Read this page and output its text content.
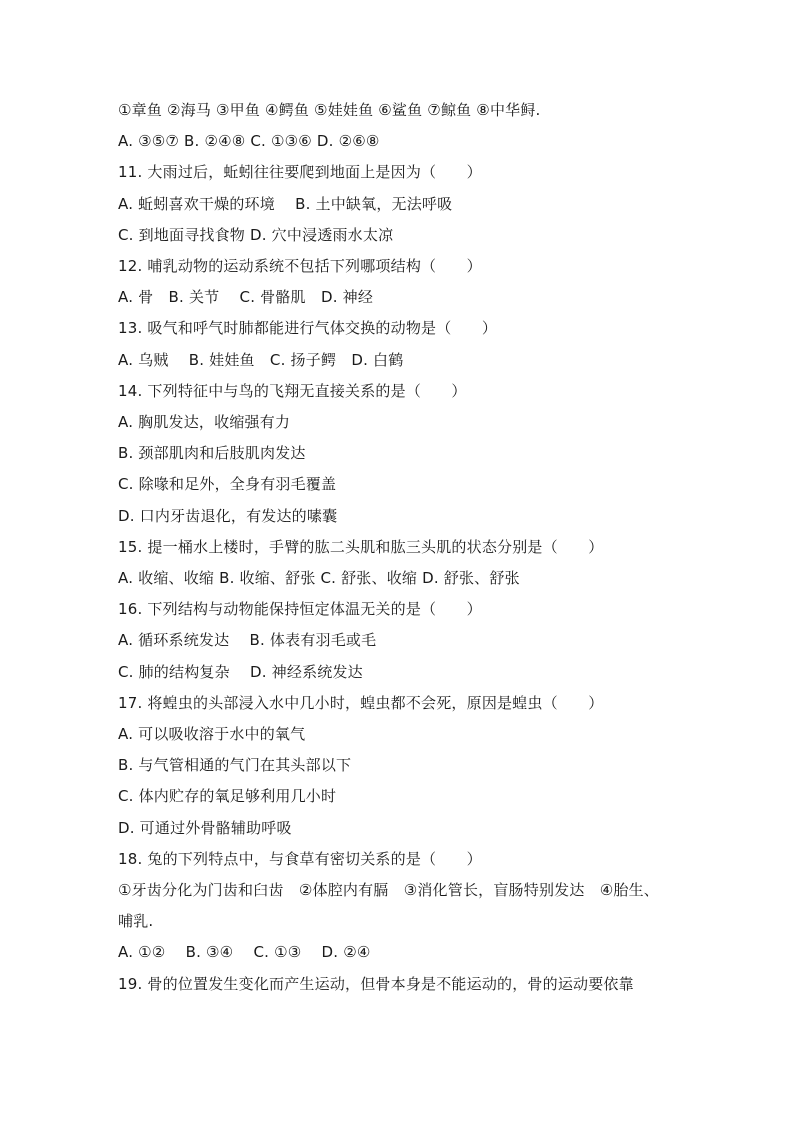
①章鱼 ②海马 ③甲鱼 ④鳄鱼 ⑤娃娃鱼 ⑥鲨鱼 ⑦鲸鱼 ⑧中华鲟.
A. ③⑤⑦ B. ②④⑧ C. ①③⑥ D. ②⑥⑧
11. 大雨过后，蚯蚓往往要爬到地面上是因为（　　）
A. 蚯蚓喜欢干燥的环境　 B. 土中缺氧，无法呼吸
C. 到地面寻找食物 D. 穴中浸透雨水太凉
12. 哺乳动物的运动系统不包括下列哪项结构（　　）
A. 骨　B. 关节　 C. 骨骼肌　D. 神经
13. 吸气和呼气时肺都能进行气体交换的动物是（　　）
A. 乌贼　 B. 娃娃鱼　C. 扬子鳄　D. 白鹤
14. 下列特征中与鸟的飞翔无直接关系的是（　　）
A. 胸肌发达，收缩强有力
B. 颈部肌肉和后肢肌肉发达
C. 除喙和足外，全身有羽毛覆盖
D. 口内牙齿退化，有发达的嗉囊
15. 提一桶水上楼时，手臂的肱二头肌和肱三头肌的状态分别是（　　）
A. 收缩、收缩 B. 收缩、舒张 C. 舒张、收缩 D. 舒张、舒张
16. 下列结构与动物能保持恒定体温无关的是（　　）
A. 循环系统发达　 B. 体表有羽毛或毛
C. 肺的结构复杂　 D. 神经系统发达
17. 将蝗虫的头部浸入水中几小时，蝗虫都不会死，原因是蝗虫（　　）
A. 可以吸收溶于水中的氧气
B. 与气管相通的气门在其头部以下
C. 体内贮存的氧足够利用几小时
D. 可通过外骨骼辅助呼吸
18. 兔的下列特点中，与食草有密切关系的是（　　）
①牙齿分化为门齿和臼齿　②体腔内有膈　③消化管长，盲肠特别发达　④胎生、
哺乳.
A. ①②　 B. ③④　 C. ①③　 D. ②④
19. 骨的位置发生变化而产生运动，但骨本身是不能运动的，骨的运动要依靠
